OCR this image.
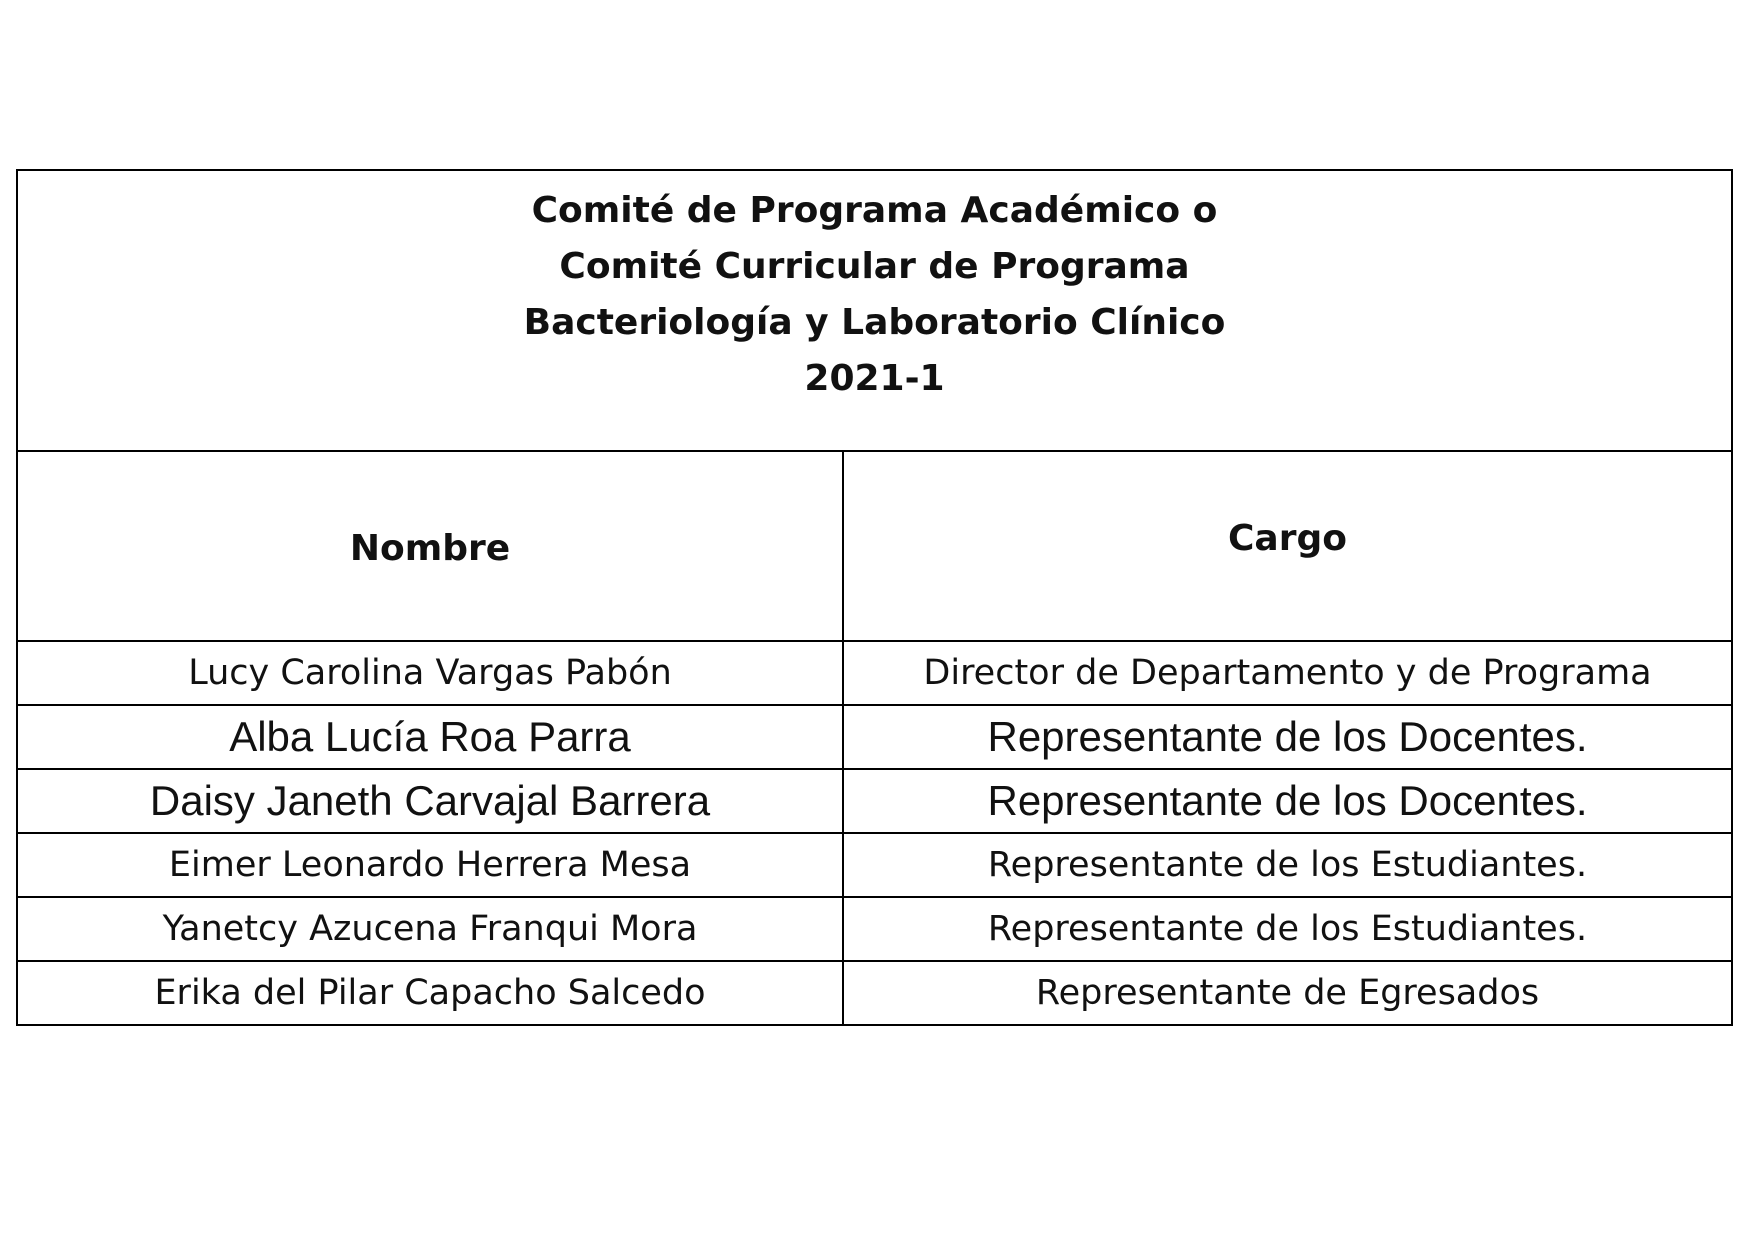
Comité de Programa Académico o
Comité Curricular de Programa
Bacteriología y Laboratorio Clínico
2021-1	

Nombre	Cargo
Lucy Carolina Vargas Pabón	Director de Departamento y de Programa
Alba Lucía Roa Parra	Representante de los Docentes.
Daisy Janeth Carvajal Barrera	Representante de los Docentes.
Eimer Leonardo Herrera Mesa	Representante de los Estudiantes.
Yanetcy Azucena Franqui Mora	Representante de los Estudiantes.
Erika del Pilar Capacho Salcedo	Representante de Egresados
